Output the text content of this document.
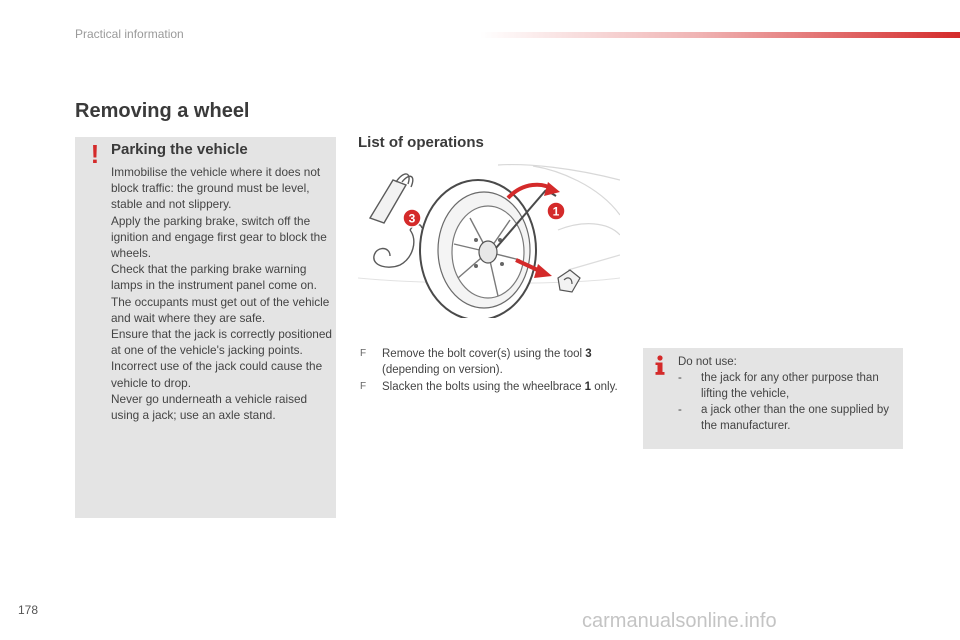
Practical information
Removing a wheel
! Parking the vehicle

Immobilise the vehicle where it does not block traffic: the ground must be level, stable and not slippery.

Apply the parking brake, switch off the ignition and engage first gear to block the wheels.

Check that the parking brake warning lamps in the instrument panel come on.

The occupants must get out of the vehicle and wait where they are safe.

Ensure that the jack is correctly positioned at one of the vehicle's jacking points.

Incorrect use of the jack could cause the vehicle to drop.

Never go underneath a vehicle raised using a jack; use an axle stand.

List of operations
1
3
F Remove the bolt cover(s) using the tool 3 (depending on version).
F Slacken the bolts using the wheelbrace 1 only.
Do not use:
- the jack for any other purpose than lifting the vehicle,
- a jack other than the one supplied by the manufacturer.
178	carmanualsonline.info
